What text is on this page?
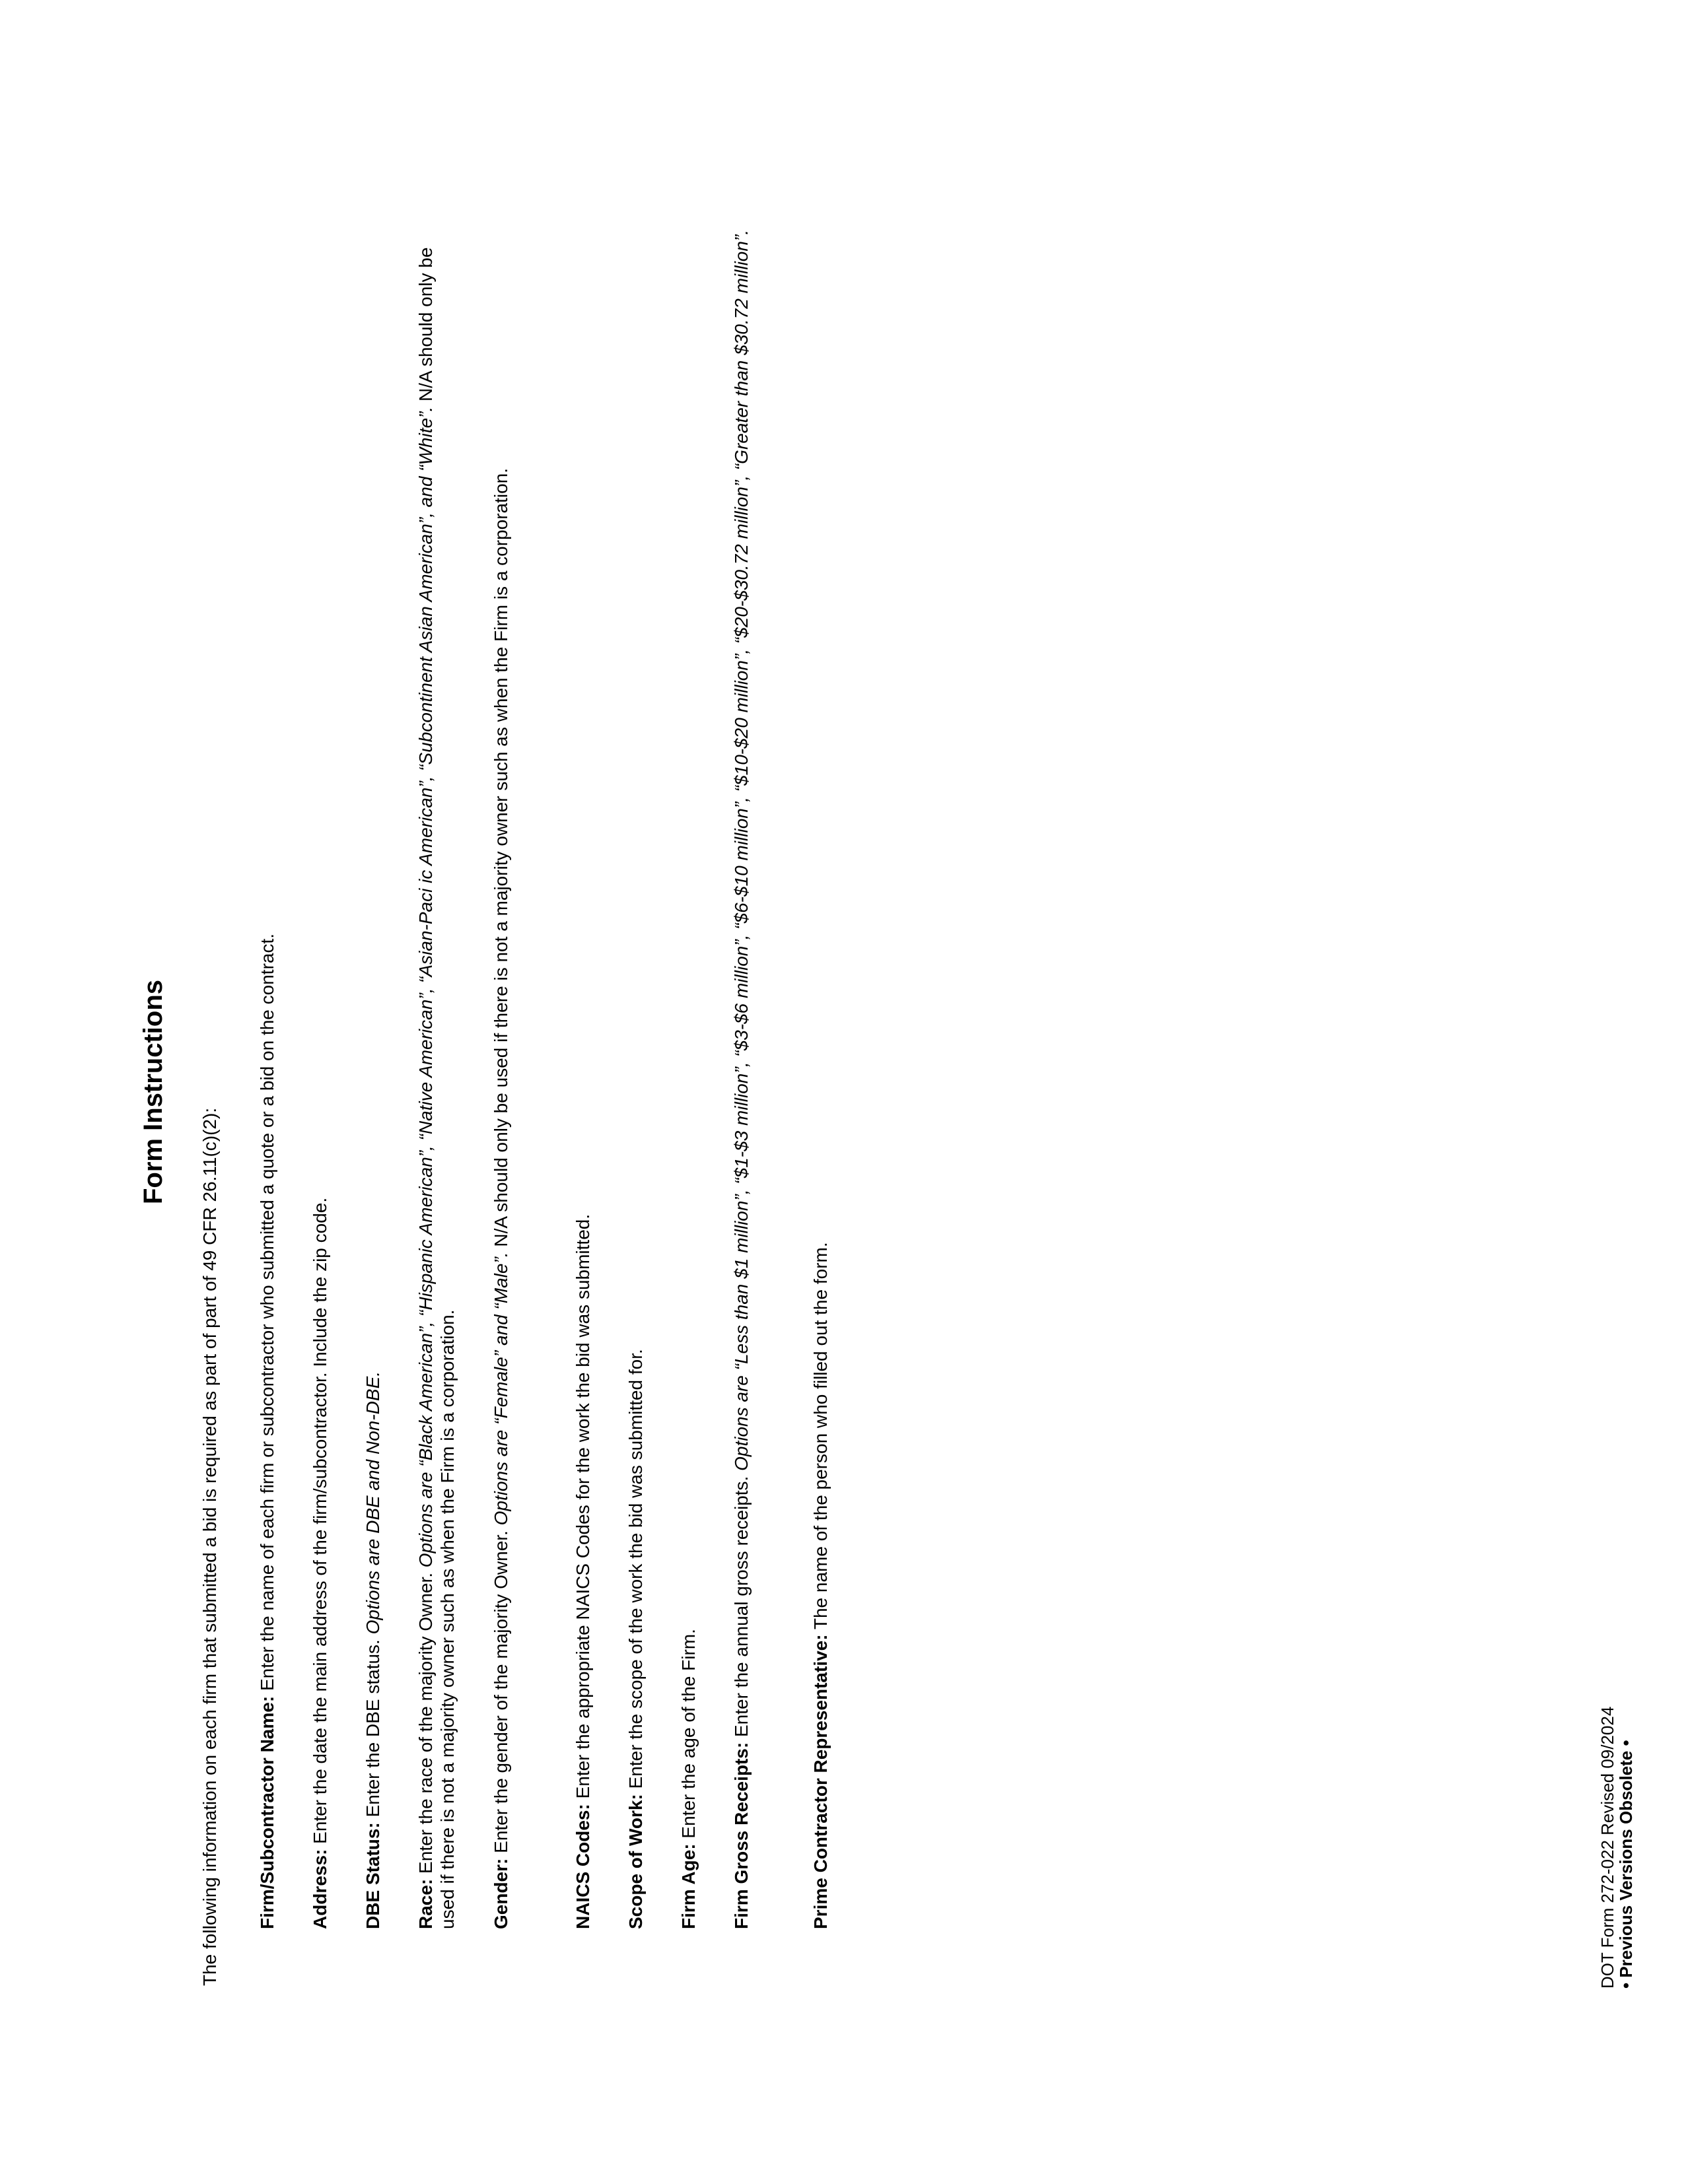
Form Instructions
The following information on each firm that submitted a bid is required as part of part of 49 CFR 26.11(c)(2): Firm/Subcontractor Name: Enter the name of each firm or subcontractor who submitted a quote or a bid on the contract.
Address: Enter the date the main address of the firm/subcontractor. Include the zip code.
DBE Status: Enter the DBE status. Options are DBE and Non-DBE.
Race: Enter the race of the majority Owner. Options are “Black American”, “Hispanic American”, “Native American”, “Asian-Paci ic American”, “Subcontinent Asian American”, and “White”. N/A should only be used if there is not a majority owner such as when the Firm is a corporation. Gender: Enter the gender of the majority Owner. Options are “Female” and “Male”. N/A should only be used if there is not a majority owner such as when the Firm is a corporation.
NAICS Codes: Enter the appropriate NAICS Codes for the work the bid was submitted.
Scope of Work: Enter the scope of the work the bid was submitted for.
Firm Age: Enter the age of the Firm. Firm Gross Receipts: Enter the annual gross receipts. Options are “Less than $1 million”, “$1-$3 million”, “$3-$6 million”, “$6-$10 million”, “$10-$20 million”, “$20-$30.72 million”, “Greater than $30.72 million”.
Prime Contractor Representative: The name of the person who filled out the form.
DOT Form 272-022 Revised 09/2024
• Previous Versions Obsolete •
